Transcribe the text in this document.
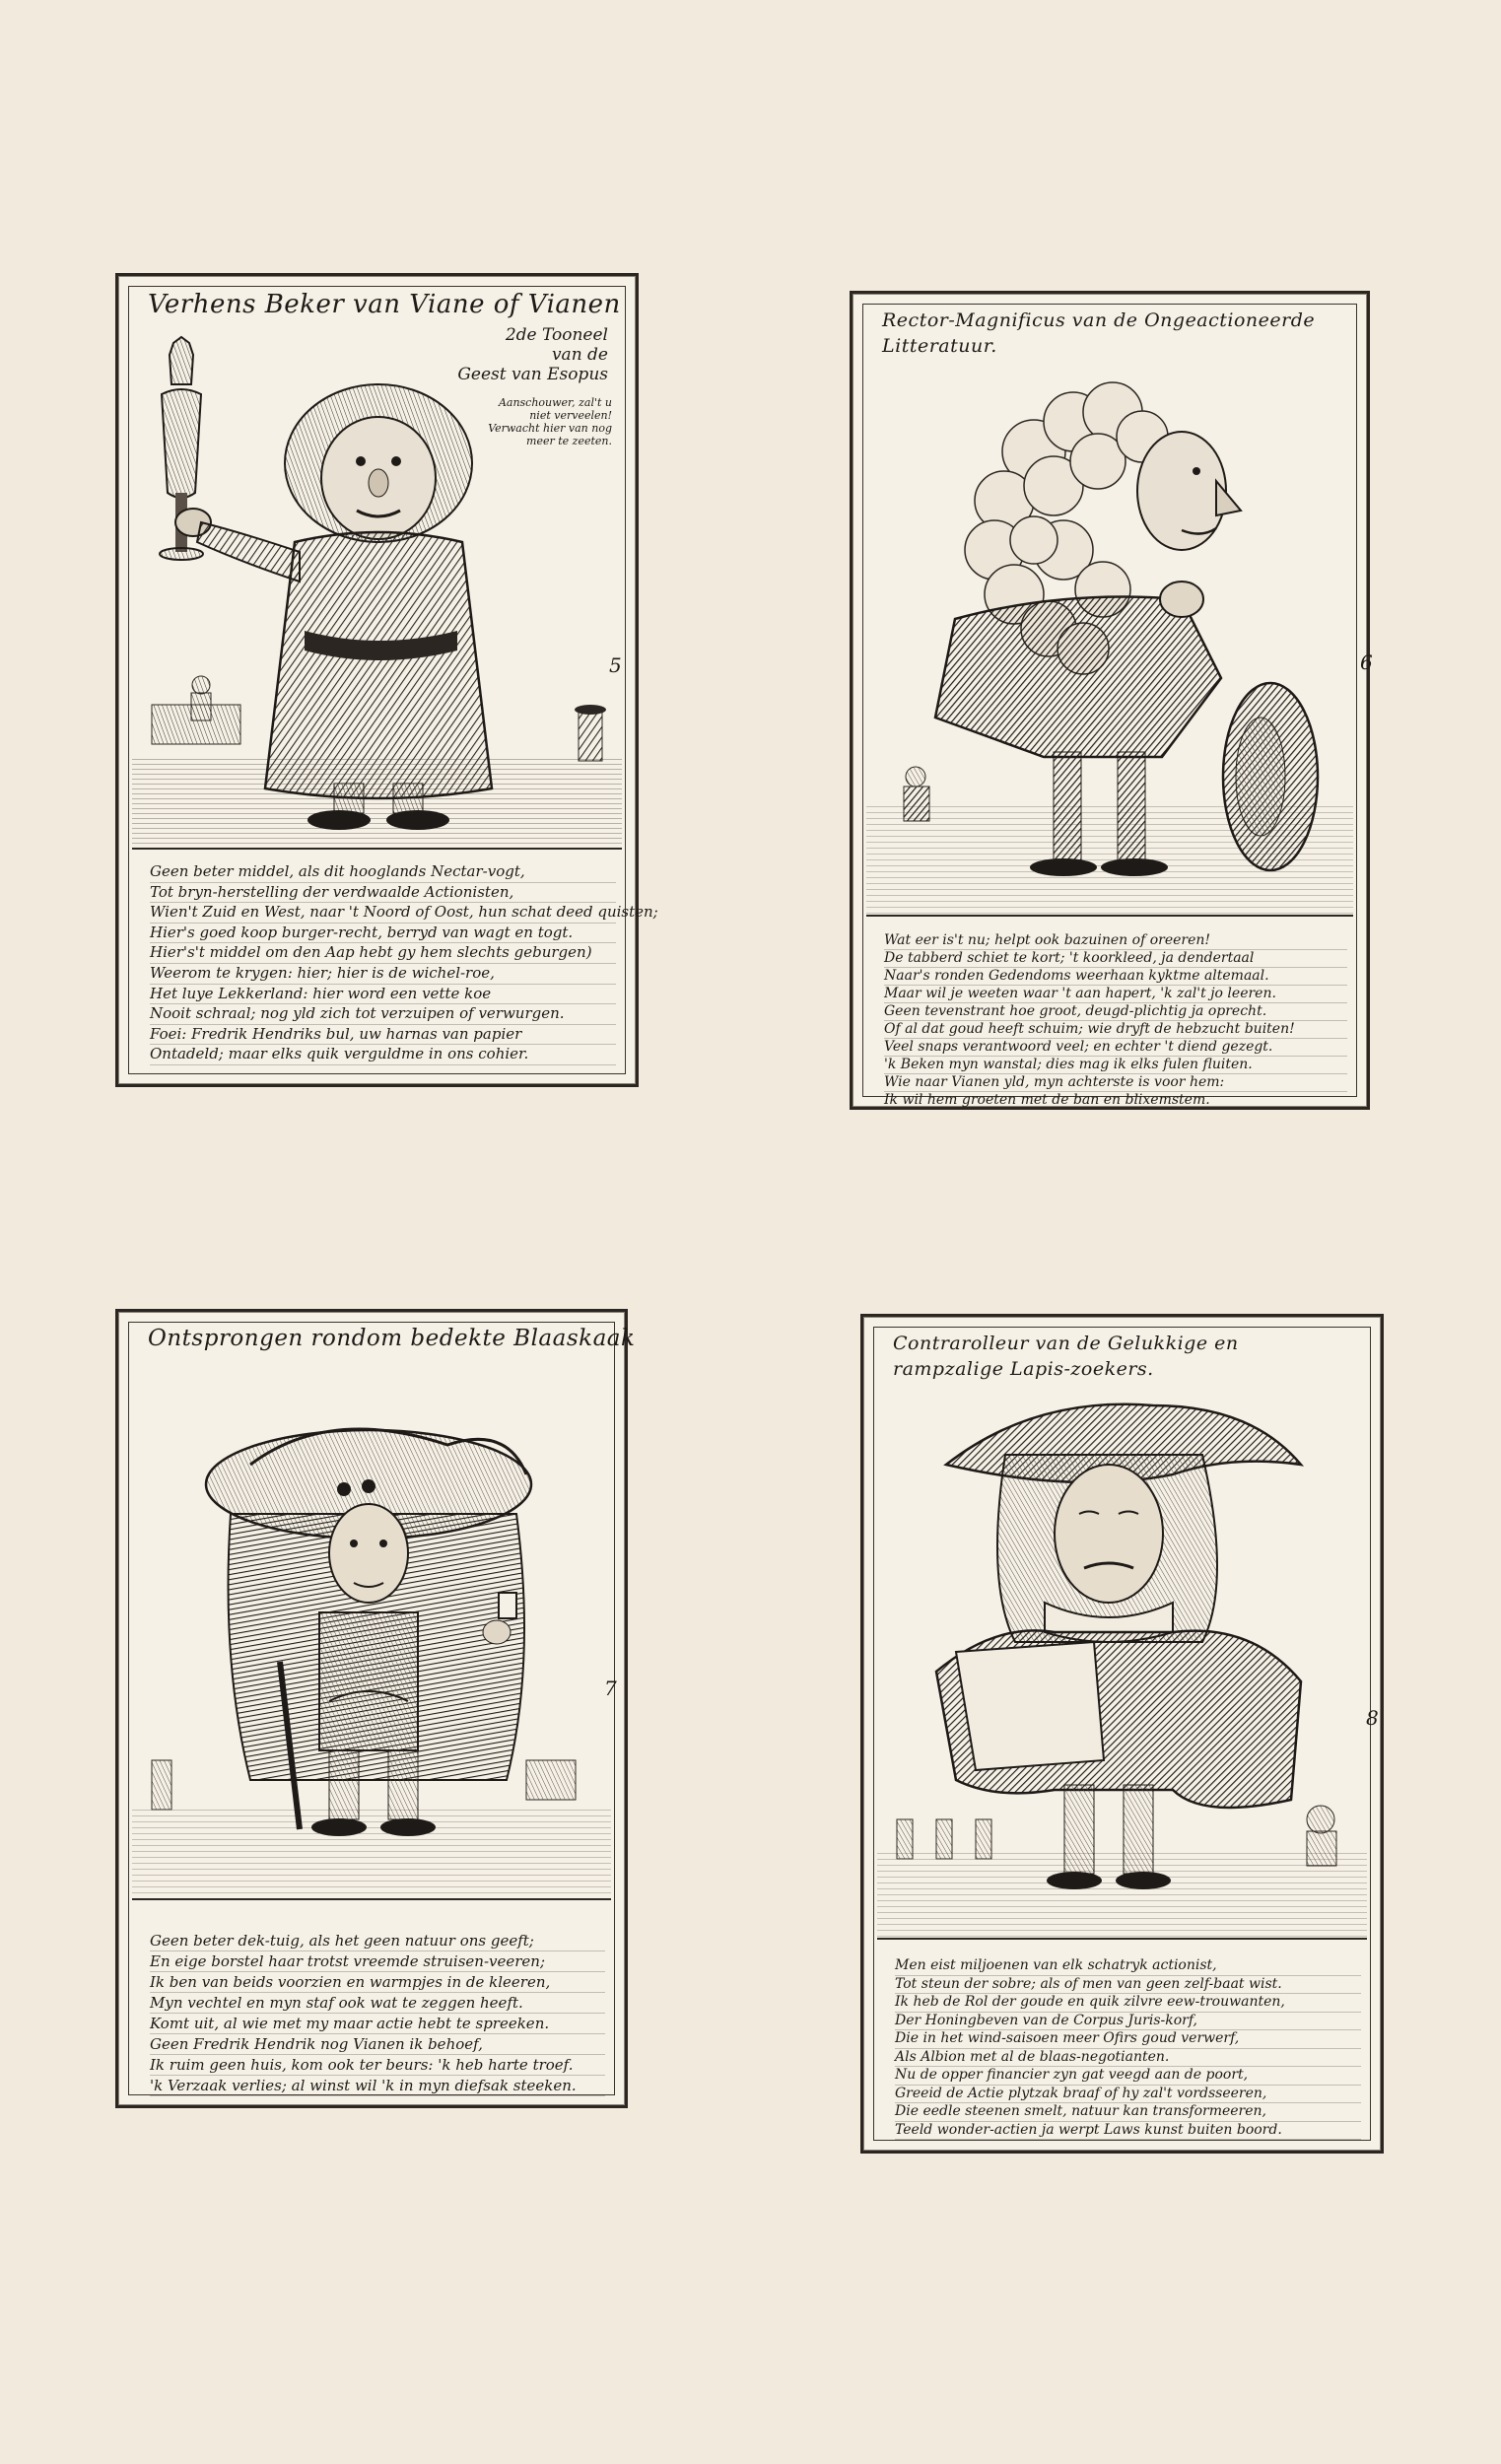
Verhens Beker van Viane of Vianen
2de Tooneel
van de
Geest van Esopus
Aanschouwer, zal't u
niet verveelen!
Verwacht hier van nog
meer te zeeten.
5
Geen beter middel, als dit hooglands Nectar-vogt,
Tot bryn-herstelling der verdwaalde Actionisten,
Wien't Zuid en West, naar 't Noord of Oost, hun schat deed quisten;
Hier's goed koop burger-recht, berryd van wagt en togt.
Hier's't middel om den Aap hebt gy hem slechts geburgen)
Weerom te krygen: hier; hier is de wichel-roe,
Het luye Lekkerland: hier word een vette koe
Nooit schraal; nog yld zich tot verzuipen of verwurgen.
Foei: Fredrik Hendriks bul, uw harnas van papier
Ontadeld; maar elks quik verguldme in ons cohier.
Rector-Magnificus van de Ongeactioneerde Litteratuur.
6
Wat eer is't nu; helpt ook bazuinen of oreeren!
De tabberd schiet te kort; 't koorkleed, ja dendertaal
Naar's ronden Gedendoms weerhaan kyktme altemaal.
Maar wil je weeten waar 't aan hapert, 'k zal't jo leeren.
Geen tevenstrant hoe groot, deugd-plichtig ja oprecht.
Of al dat goud heeft schuim; wie dryft de hebzucht buiten!
Veel snaps verantwoord veel; en echter 't diend gezegt.
'k Beken myn wanstal; dies mag ik elks fulen fluiten.
Wie naar Vianen yld, myn achterste is voor hem:
Ik wil hem groeten met de ban en blixemstem.
Ontsprongen rondom bedekte Blaaskaak
7
Geen beter dek-tuig, als het geen natuur ons geeft;
En eige borstel haar trotst vreemde struisen-veeren;
Ik ben van beids voorzien en warmpjes in de kleeren,
Myn vechtel en myn staf ook wat te zeggen heeft.
Komt uit, al wie met my maar actie hebt te spreeken.
Geen Fredrik Hendrik nog Vianen ik behoef,
Ik ruim geen huis, kom ook ter beurs: 'k heb harte troef.
'k Verzaak verlies; al winst wil 'k in myn diefsak steeken.
Contrarolleur van de Gelukkige en
rampzalige Lapis-zoekers.
8
Men eist miljoenen van elk schatryk actionist,
Tot steun der sobre; als of men van geen zelf-baat wist.
Ik heb de Rol der goude en quik zilvre eew-trouwanten,
Der Honingbeven van de Corpus Juris-korf,
Die in het wind-saisoen meer Ofirs goud verwerf,
Als Albion met al de blaas-negotianten.
Nu de opper financier zyn gat veegd aan de poort,
Greeid de Actie plytzak braaf of hy zal't vordsseeren,
Die eedle steenen smelt, natuur kan transformeeren,
Teeld wonder-actien ja werpt Laws kunst buiten boord.
